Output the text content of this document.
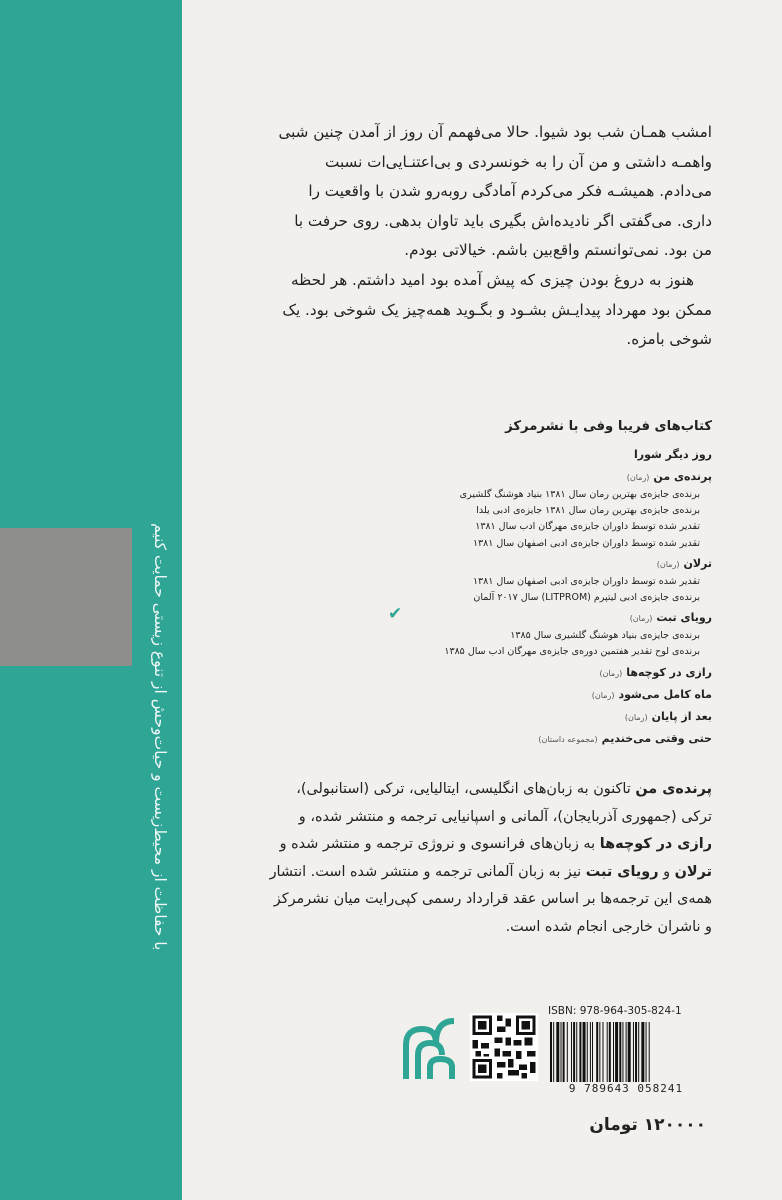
با حفاظت از محیط‌زیست و حیات‌وحش از تنوع زیستی حمایت کنیم

امشب همـان شب بود شیوا. حالا می‌فهمم آن روز از آمدن چنین شبی واهمـه داشتی و من آن را به خونسردی و بی‌اعتنـایی‌ات نسبت می‌دادم. همیشـه فکر می‌کردم آمادگی روبه‌رو شدن با واقعیت را داری. می‌گفتی اگر نادیده‌اش بگیری باید تاوان بدهی. روی حرفت با من بود. نمی‌توانستم واقع‌بین باشم. خیالاتی بودم.

هنوز به دروغ بودن چیزی که پیش آمده بود امید داشتم. هر لحظه ممکن بود مهرداد پیدایـش بشـود و بگـوید همه‌چیز یک شوخی بود. یک شوخی بامزه.

کتاب‌های فریبا وفی با نشرمرکز
روز دیگر شورا
پرنده‌ی من(رمان)
برنده‌ی جایزه‌ی بهترین رمان سال ۱۳۸۱ بنیاد هوشنگ گلشیری
برنده‌ی جایزه‌ی بهترین رمان سال ۱۳۸۱ جایزه‌ی ادبی یلدا
تقدیر شده توسط داوران جایزه‌ی مهرگان ادب سال ۱۳۸۱
تقدیر شده توسط داوران جایزه‌ی ادبی اصفهان سال ۱۳۸۱
ترلان(رمان)
تقدیر شده توسط داوران جایزه‌ی ادبی اصفهان سال ۱۳۸۱
برنده‌ی جایزه‌ی ادبی لیتپرم (LITPROM) سال ۲۰۱۷ آلمان
✔	رویای تبت(رمان)
برنده‌ی جایزه‌ی بنیاد هوشنگ گلشیری سال ۱۳۸۵
برنده‌ی لوح تقدیر هفتمین دوره‌ی جایزه‌ی مهرگان ادب سال ۱۳۸۵
رازی در کوچه‌ها(رمان)
ماه کامل می‌شود(رمان)
بعد از پایان(رمان)
حتی وقتی می‌خندیم(مجموعه داستان)

پرنده‌ی من تاکنون به زبان‌های انگلیسی، ایتالیایی، ترکی (استانبولی)، ترکی (جمهوری آذربایجان)، آلمانی و اسپانیایی ترجمه و منتشر شده، و رازی در کوچه‌ها به زبان‌های فرانسوی و نروژی ترجمه و منتشر شده و ترلان و رویای تبت نیز به زبان آلمانی ترجمه و منتشر شده است. انتشار همه‌ی این ترجمه‌ها بر اساس عقد قرارداد رسمی کپی‌رایت میان نشرمرکز و ناشران خارجی انجام شده است.

ISBN: 978-964-305-824-1
9 789643 058241
۱۲۰۰۰۰ تومان
